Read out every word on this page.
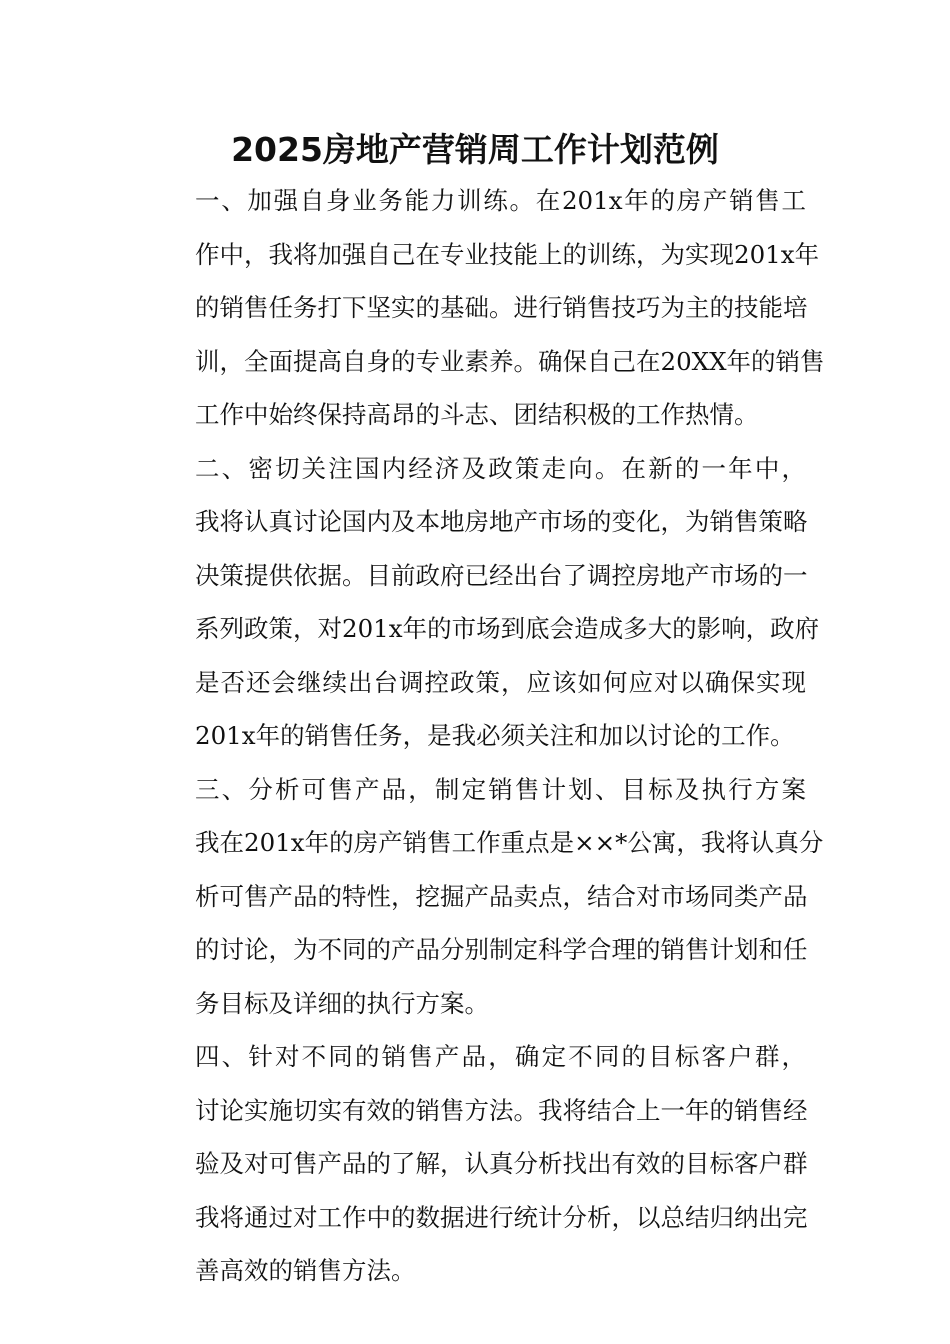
2025房地产营销周工作计划范例

一、加强自身业务能力训练。在201x年的房产销售工
作中，我将加强自己在专业技能上的训练，为实现201x年
的销售任务打下坚实的基础。进行销售技巧为主的技能培
训，全面提高自身的专业素养。确保自己在20XX年的销售
工作中始终保持高昂的斗志、团结积极的工作热情。

二、密切关注国内经济及政策走向。在新的一年中，
我将认真讨论国内及本地房地产市场的变化，为销售策略
决策提供依据。目前政府已经出台了调控房地产市场的一
系列政策，对201x年的市场到底会造成多大的影响，政府
是否还会继续出台调控政策，应该如何应对以确保实现
201x年的销售任务，是我必须关注和加以讨论的工作。

三、分析可售产品，制定销售计划、目标及执行方案
我在201x年的房产销售工作重点是××*公寓，我将认真分
析可售产品的特性，挖掘产品卖点，结合对市场同类产品
的讨论，为不同的产品分别制定科学合理的销售计划和任
务目标及详细的执行方案。

四、针对不同的销售产品，确定不同的目标客户群，
讨论实施切实有效的销售方法。我将结合上一年的销售经
验及对可售产品的了解，认真分析找出有效的目标客户群
我将通过对工作中的数据进行统计分析，以总结归纳出完
善高效的销售方法。
